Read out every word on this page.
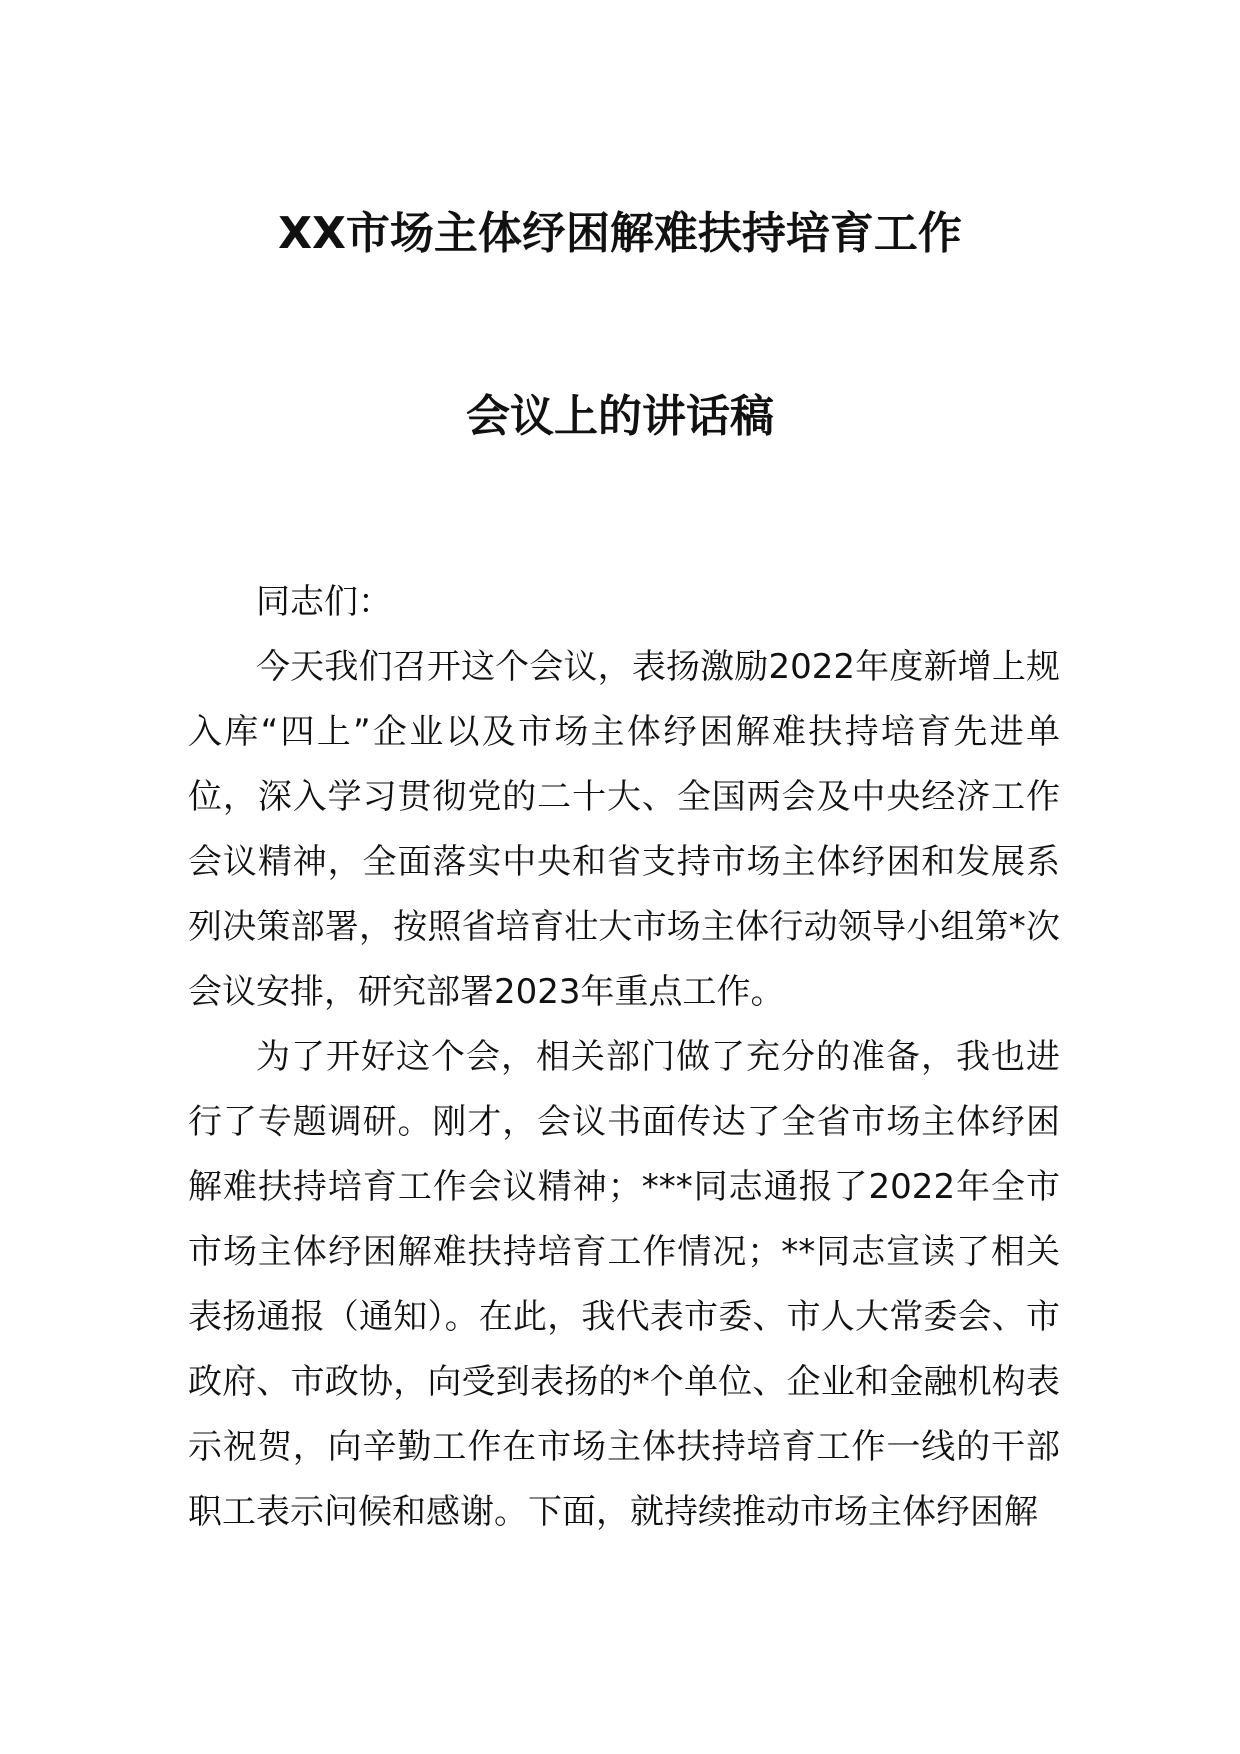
XX市场主体纾困解难扶持培育工作
会议上的讲话稿

同志们：

今天我们召开这个会议，表扬激励2022年度新增上规入库“四上”企业以及市场主体纾困解难扶持培育先进单位，深入学习贯彻党的二十大、全国两会及中央经济工作会议精神，全面落实中央和省支持市场主体纾困和发展系列决策部署，按照省培育壮大市场主体行动领导小组第*次会议安排，研究部署2023年重点工作。

为了开好这个会，相关部门做了充分的准备，我也进行了专题调研。刚才，会议书面传达了全省市场主体纾困解难扶持培育工作会议精神；***同志通报了2022年全市市场主体纾困解难扶持培育工作情况；**同志宣读了相关表扬通报（通知）。在此，我代表市委、市人大常委会、市政府、市政协，向受到表扬的*个单位、企业和金融机构表示祝贺，向辛勤工作在市场主体扶持培育工作一线的干部职工表示问候和感谢。下面，就持续推动市场主体纾困解
